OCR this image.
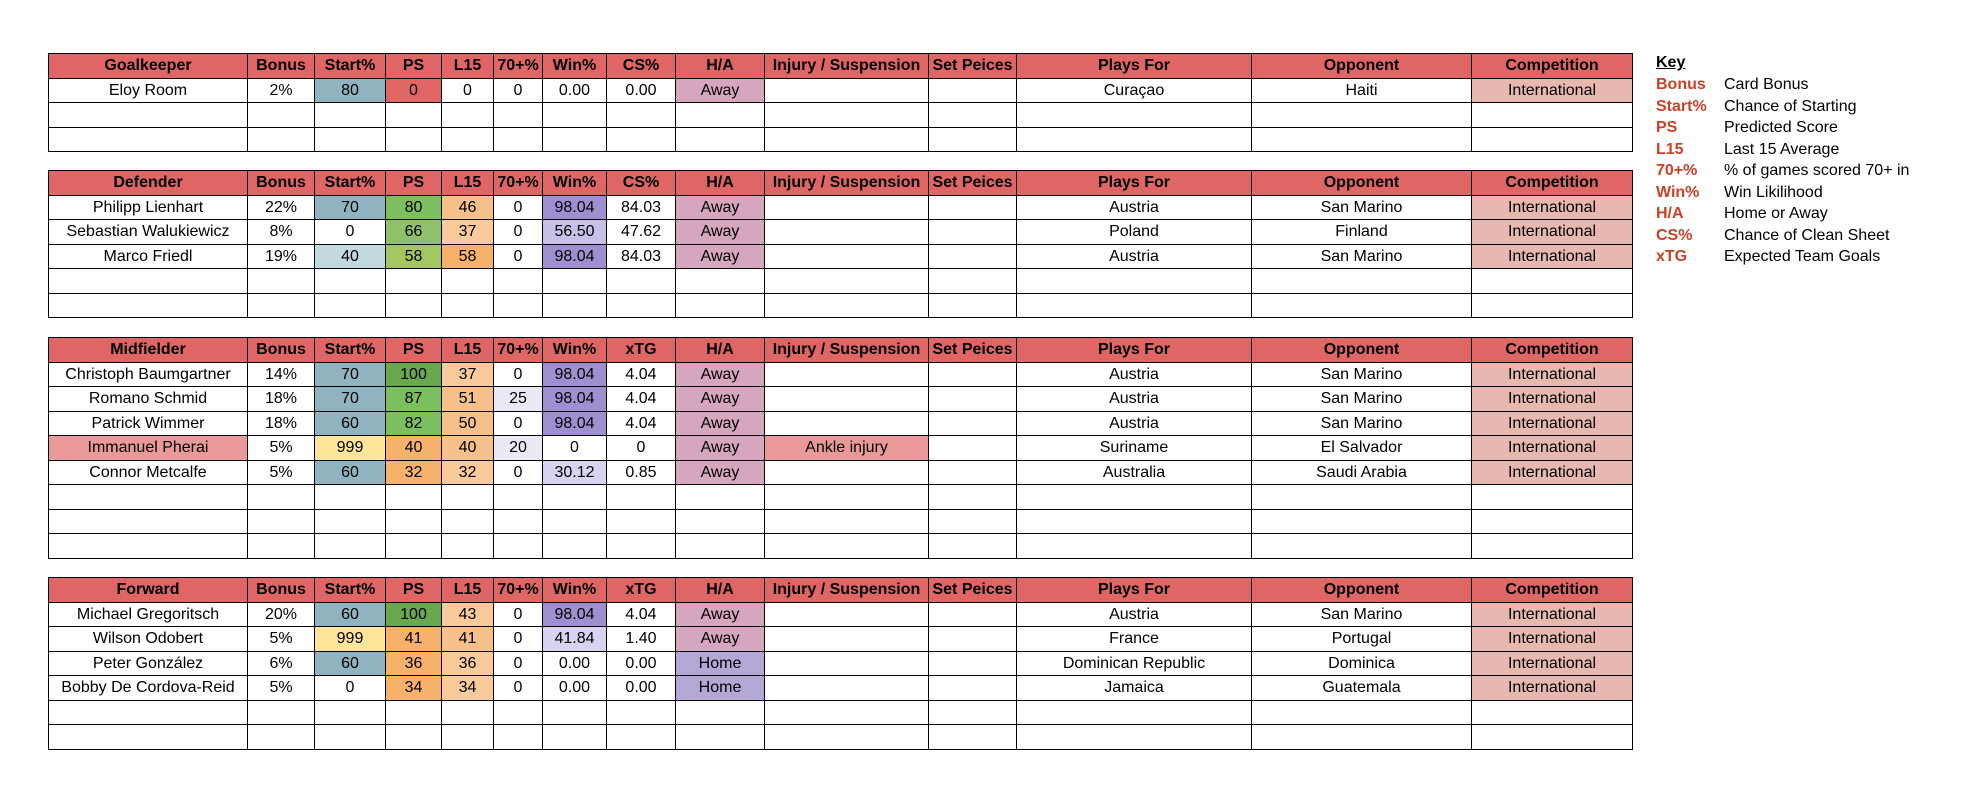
Goalkeeper	Bonus	Start%	PS	L15	70+%	Win%	CS%	H/A	Injury / Suspension	Set Peices	Plays For	Opponent	Competition
Eloy Room	2%	80	0	0	0	0.00	0.00	Away			Curaçao	Haiti	International

Defender	Bonus	Start%	PS	L15	70+%	Win%	CS%	H/A	Injury / Suspension	Set Peices	Plays For	Opponent	Competition
Philipp Lienhart	22%	70	80	46	0	98.04	84.03	Away			Austria	San Marino	International
Sebastian Walukiewicz	8%	0	66	37	0	56.50	47.62	Away			Poland	Finland	International
Marco Friedl	19%	40	58	58	0	98.04	84.03	Away			Austria	San Marino	International

Midfielder	Bonus	Start%	PS	L15	70+%	Win%	xTG	H/A	Injury / Suspension	Set Peices	Plays For	Opponent	Competition
Christoph Baumgartner	14%	70	100	37	0	98.04	4.04	Away			Austria	San Marino	International
Romano Schmid	18%	70	87	51	25	98.04	4.04	Away			Austria	San Marino	International
Patrick Wimmer	18%	60	82	50	0	98.04	4.04	Away			Austria	San Marino	International
Immanuel Pherai	5%	999	40	40	20	0	0	Away	Ankle injury		Suriname	El Salvador	International
Connor Metcalfe	5%	60	32	32	0	30.12	0.85	Away			Australia	Saudi Arabia	International

Forward	Bonus	Start%	PS	L15	70+%	Win%	xTG	H/A	Injury / Suspension	Set Peices	Plays For	Opponent	Competition
Michael Gregoritsch	20%	60	100	43	0	98.04	4.04	Away			Austria	San Marino	International
Wilson Odobert	5%	999	41	41	0	41.84	1.40	Away			France	Portugal	International
Peter González	6%	60	36	36	0	0.00	0.00	Home			Dominican Republic	Dominica	International
Bobby De Cordova-Reid	5%	0	34	34	0	0.00	0.00	Home			Jamaica	Guatemala	International

Key
Bonus	Card Bonus
Start%	Chance of Starting
PS	Predicted Score
L15	Last 15 Average
70+%	% of games scored 70+ in
Win%	Win Likilihood
H/A	Home or Away
CS%	Chance of Clean Sheet
xTG	Expected Team Goals
